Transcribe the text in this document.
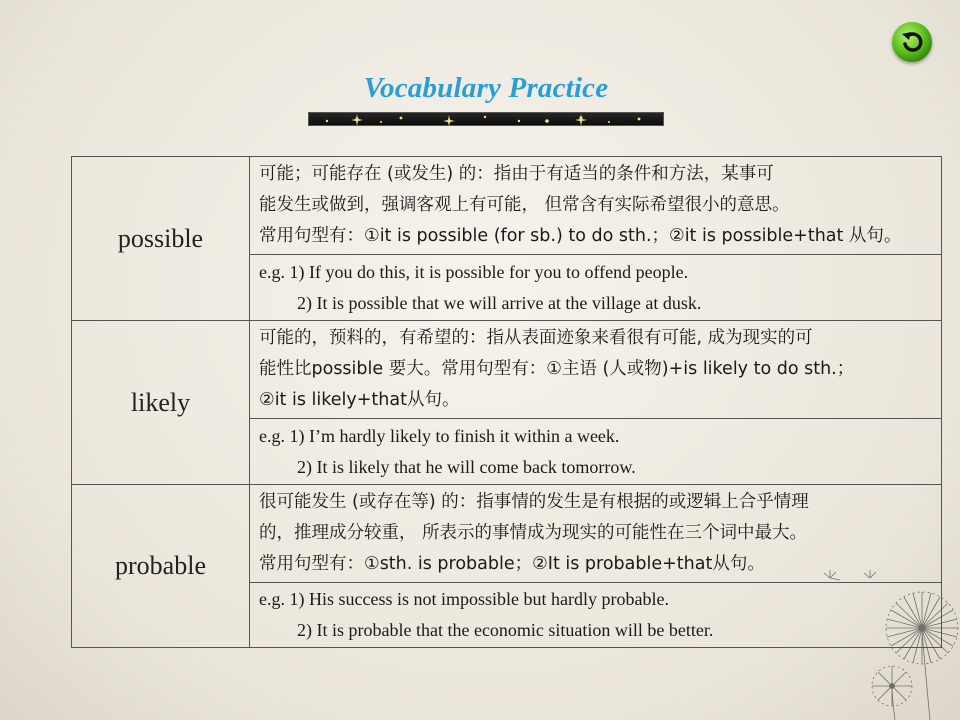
Vocabulary Practice
possible	可能；可能存在 (或发生) 的：指由于有适当的条件和方法，某事可
能发生或做到，强调客观上有可能， 但常含有实际希望很小的意思。
常用句型有：①it is possible (for sb.) to do sth.；②it is possible+that 从句。

	e.g. 1) If you do this, it is possible for you to offend people.
2) It is possible that we will arrive at the village at dusk.

likely	可能的，预料的，有希望的：指从表面迹象来看很有可能, 成为现实的可
能性比possible 要大。常用句型有：①主语 (人或物)+is likely to do sth.；
②it is likely+that从句。

	e.g. 1) I’m hardly likely to finish it within a week.
2) It is likely that he will come back tomorrow.

probable	很可能发生 (或存在等) 的：指事情的发生是有根据的或逻辑上合乎情理
的，推理成分较重， 所表示的事情成为现实的可能性在三个词中最大。
常用句型有：①sth. is probable；②It is probable+that从句。

	e.g. 1) His success is not impossible but hardly probable.
2) It is probable that the economic situation will be better.
